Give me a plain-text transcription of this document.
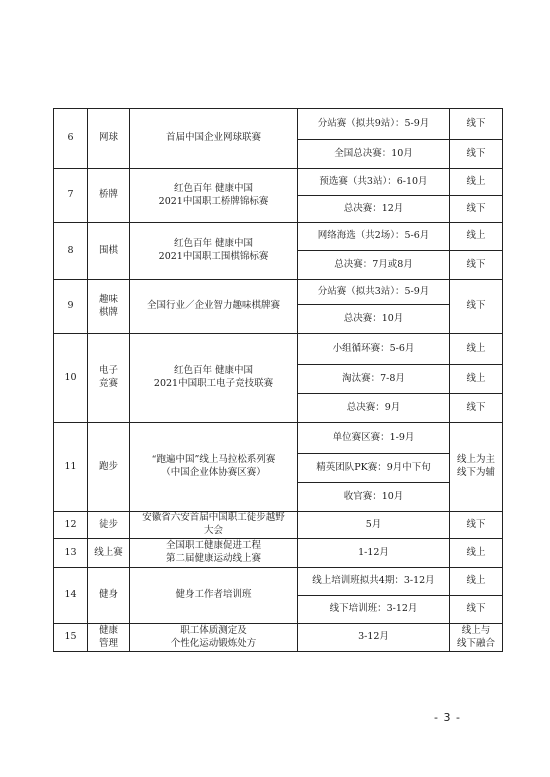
6	网球	首届中国企业网球联赛	分站赛（拟共9站）：5-9月	线下

			全国总决赛：10月	线下

7	桥牌	红色百年 健康中国
2021中国职工桥牌锦标赛	预选赛（共3站）：6-10月	线上

			总决赛：12月	线下

8	围棋	红色百年 健康中国
2021中国职工围棋锦标赛	网络海选（共2场）：5-6月	线上

			总决赛：7月或8月	线下

9	趣味
棋牌	全国行业／企业智力趣味棋牌赛	分站赛（拟共3站）：5-9月	线下

			总决赛：10月	

10	电子
竞赛	红色百年 健康中国
2021中国职工电子竞技联赛	小组循环赛：5-6月	线上

			淘汰赛：7-8月	线上

			总决赛：9月	线下

11	跑步	“跑遍中国”线上马拉松系列赛
（中国企业体协赛区赛）	单位赛区赛：1-9月	线上为主
线下为辅

			精英团队PK赛：9月中下旬	

			收官赛：10月	

12	徒步	安徽省六安首届中国职工徒步越野
大会	5月	线下

13	线上赛	全国职工健康促进工程
第二届健康运动线上赛	1-12月	线上

14	健身	健身工作者培训班	线上培训班拟共4期：3-12月	线上

			线下培训班：3-12月	线下

15	健康
管理	职工体质测定及
个性化运动锻炼处方	3-12月	线上与
线下融合
- 3 -
